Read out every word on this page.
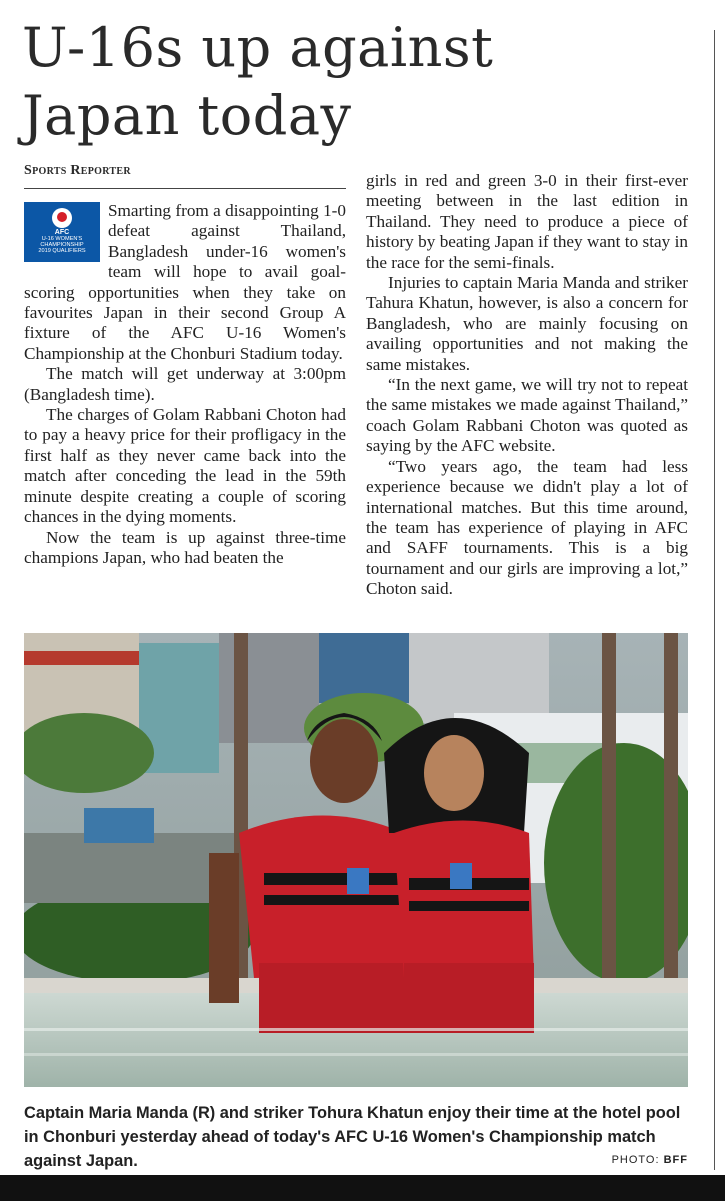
U-16s up against Japan today
Sports Reporter
AFC
U-16 WOMEN'S
CHAMPIONSHIP
2019 QUALIFIERS

Smarting from a disappointing 1-0 defeat against Thailand, Bangladesh under-16 women's team will hope to avail goal-scoring opportunities when they take on favourites Japan in their second Group A fixture of the AFC U-16 Women's Championship at the Chonburi Stadium today.

The match will get underway at 3:00pm (Bangladesh time).

The charges of Golam Rabbani Choton had to pay a heavy price for their profligacy in the first half as they never came back into the match after conceding the lead in the 59th minute despite creating a couple of scoring chances in the dying moments.

Now the team is up against three-time champions Japan, who had beaten the

girls in red and green 3-0 in their first-ever meeting between in the last edition in Thailand. They need to produce a piece of history by beating Japan if they want to stay in the race for the semi-finals.

Injuries to captain Maria Manda and striker Tahura Khatun, however, is also a concern for Bangladesh, who are mainly focusing on availing opportunities and not making the same mistakes.

“In the next game, we will try not to repeat the same mistakes we made against Thailand,” coach Golam Rabbani Choton was quoted as saying by the AFC website.

“Two years ago, the team had less experience because we didn't play a lot of international matches. But this time around, the team has experience of playing in AFC and SAFF tournaments. This is a big tournament and our girls are improving a lot,” Choton said.

Captain Maria Manda (R) and striker Tohura Khatun enjoy their time at the hotel pool in Chonburi yesterday ahead of today's AFC U-16 Women's Championship match against Japan.	PHOTO: BFF
